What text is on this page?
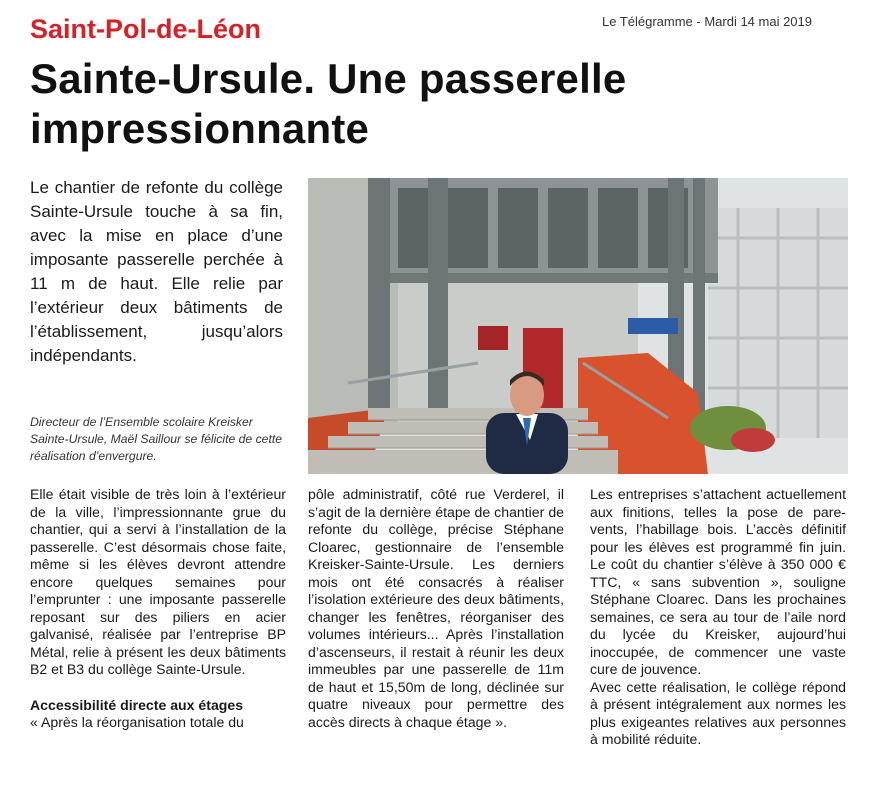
Saint-Pol-de-Léon	Le Télégramme - Mardi 14 mai 2019
Sainte-Ursule. Une passerelle impressionnante

Le chantier de refonte du collège Sainte-Ursule touche à sa fin, avec la mise en place d’une imposante passerelle perchée à 11 m de haut. Elle relie par l’extérieur deux bâtiments de l’établissement, jusqu’alors indépendants.

Directeur de l’Ensemble scolaire Kreisker Sainte-Ursule, Maël Saillour se félicite de cette réalisation d’envergure.

Elle était visible de très loin à l’extérieur de la ville, l’impressionnante grue du chantier, qui a servi à l’installation de la passerelle. C’est désormais chose faite, même si les élèves devront attendre encore quelques semaines pour l’emprunter : une imposante passerelle reposant sur des piliers en acier galvanisé, réalisée par l’entreprise BP Métal, relie à présent les deux bâtiments B2 et B3 du collège Sainte-Ursule.

Accessibilité directe aux étages

« Après la réorganisation totale du

pôle administratif, côté rue Verderel, il s’agit de la dernière étape de chantier de refonte du collège, précise Stéphane Cloarec, gestionnaire de l’ensemble Kreisker-Sainte-Ursule. Les derniers mois ont été consacrés à réaliser l’isolation extérieure des deux bâtiments, changer les fenêtres, réorganiser des volumes intérieurs... Après l’installation d’ascenseurs, il restait à réunir les deux immeubles par une passerelle de 11m de haut et 15,50m de long, déclinée sur quatre niveaux pour permettre des accès directs à chaque étage ».

Les entreprises s’attachent actuellement aux finitions, telles la pose de pare-vents, l’habillage bois. L’accès définitif pour les élèves est programmé fin juin. Le coût du chantier s’élève à 350 000 € TTC, « sans subvention », souligne Stéphane Cloarec. Dans les prochaines semaines, ce sera au tour de l’aile nord du lycée du Kreisker, aujourd’hui inoccupée, de commencer une vaste cure de jouvence.

Avec cette réalisation, le collège répond à présent intégralement aux normes les plus exigeantes relatives aux personnes à mobilité réduite.
